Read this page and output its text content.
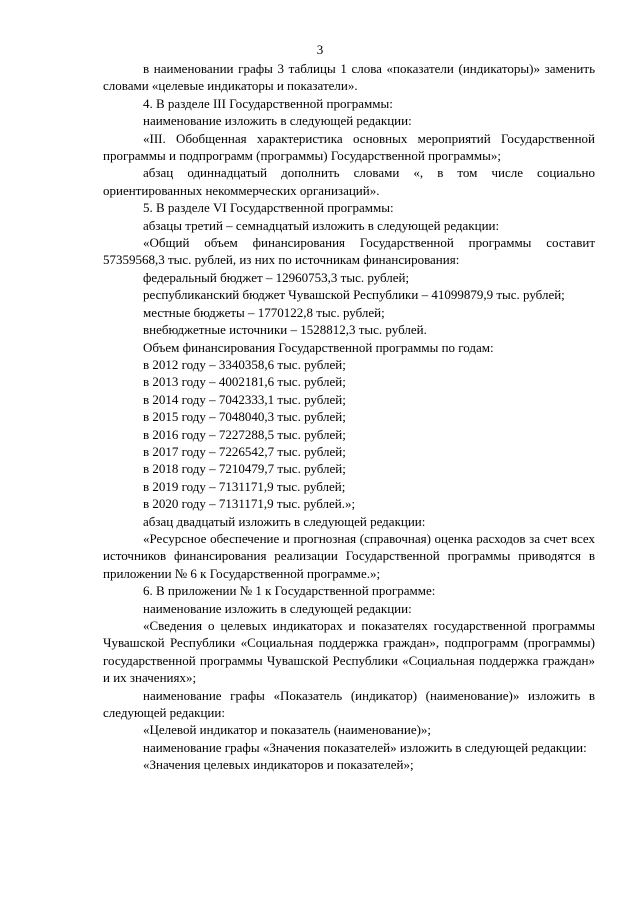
3

в наименовании графы 3 таблицы 1 слова «показатели (индикаторы)» заменить словами «целевые индикаторы и показатели».

4. В разделе III Государственной программы:

наименование изложить в следующей редакции:

«III. Обобщенная характеристика основных мероприятий Государственной программы и подпрограмм (программы) Государственной программы»;

абзац одиннадцатый дополнить словами «, в том числе социально ориентированных некоммерческих организаций».

5. В разделе VI Государственной программы:

абзацы третий – семнадцатый изложить в следующей редакции:

«Общий объем финансирования Государственной программы составит 57359568,3 тыс. рублей, из них по источникам финансирования:

федеральный бюджет – 12960753,3 тыс. рублей;

республиканский бюджет Чувашской Республики – 41099879,9 тыс. рублей;

местные бюджеты – 1770122,8 тыс. рублей;

внебюджетные источники – 1528812,3 тыс. рублей.

Объем финансирования Государственной программы по годам:

в 2012 году – 3340358,6 тыс. рублей;

в 2013 году – 4002181,6 тыс. рублей;

в 2014 году – 7042333,1 тыс. рублей;

в 2015 году – 7048040,3 тыс. рублей;

в 2016 году – 7227288,5 тыс. рублей;

в 2017 году – 7226542,7 тыс. рублей;

в 2018 году – 7210479,7 тыс. рублей;

в 2019 году – 7131171,9 тыс. рублей;

в 2020 году – 7131171,9 тыс. рублей.»;

абзац двадцатый изложить в следующей редакции:

«Ресурсное обеспечение и прогнозная (справочная) оценка расходов за счет всех источников финансирования реализации Государственной программы приводятся в приложении № 6 к Государственной программе.»;

6. В приложении № 1 к Государственной программе:

наименование изложить в следующей редакции:

«Сведения о целевых индикаторах и показателях государственной программы Чувашской Республики «Социальная поддержка граждан», подпрограмм (программы) государственной программы Чувашской Республики «Социальная поддержка граждан» и их значениях»;

наименование графы «Показатель (индикатор) (наименование)» изложить в следующей редакции:

«Целевой индикатор и показатель (наименование)»;

наименование графы «Значения показателей» изложить в следующей редакции:

«Значения целевых индикаторов и показателей»;
